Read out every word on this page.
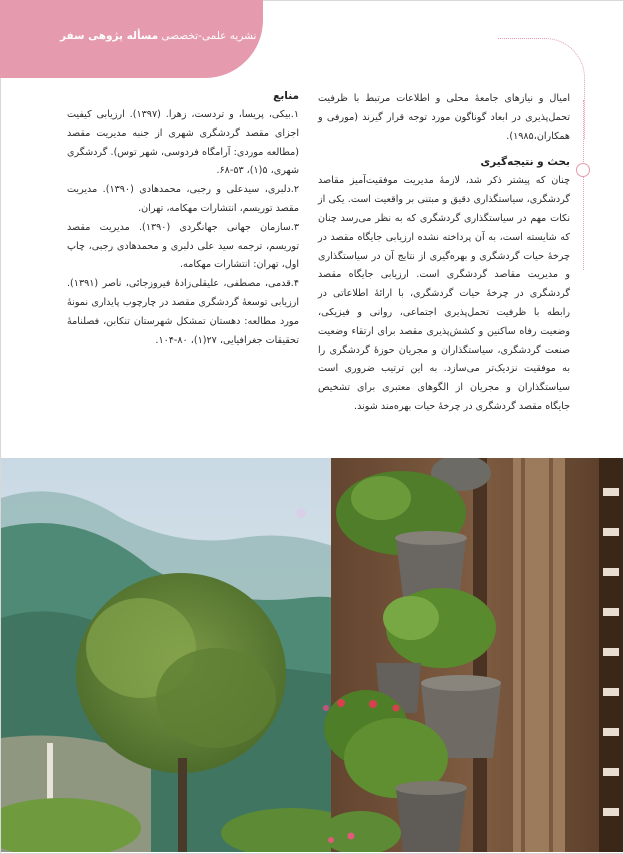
نشریه علمی-تخصصی مسأله پژوهی سفر

امیال و نیازهای جامعهٔ محلی و اطلاعات مرتبط با ظرفیت تحمل‌پذیری در ابعاد گوناگون مورد توجه قرار گیرند (مورفی و همکاران،۱۹۸۵).

بحث و نتیجه‌گیری

چنان که پیشتر ذکر شد، لازمهٔ مدیریت موفقیت‌آمیز مقاصد گردشگری، سیاستگذاری دقیق و مبتنی بر واقعیت است. یکی از نکات مهم در سیاستگذاری گردشگری که به نظر می‌رسد چنان که شایسته است، به آن پرداخته نشده ارزیابی جایگاه مقصد در چرخهٔ حیات گردشگری و بهره‌گیری از نتایج آن در سیاستگذاری و مدیریت مقاصد گردشگری است. ارزیابی جایگاه مقصد گردشگری در چرخهٔ حیات گردشگری، با ارائهٔ اطلاعاتی در رابطه با ظرفیت تحمل‌پذیری اجتماعی، روانی و فیزیکی، وضعیت رفاه ساکنین و کشش‌پذیری مقصد برای ارتقاء وضعیت صنعت گردشگری، سیاستگذاران و مجریان حوزهٔ گردشگری را به موفقیت نزدیک‌تر می‌سازد. به این ترتیب ضروری است سیاستگذاران و مجریان از الگوهای معتبری برای تشخیص جایگاه مقصد گردشگری در چرخهٔ حیات بهره‌مند شوند.

منابع

۱.بیکی، پریسا، و تردست، زهرا. (۱۳۹۷). ارزیابی کیفیت اجزای مقصد گردشگری شهری از جنبه مدیریت مقصد (مطالعه موردی: آرامگاه فردوسی، شهر توس). گردشگری شهری، ۵(۱)، ۵۳-۶۸.

۲.دلبری، سیدعلی و رجبی، محمدهادی (۱۳۹۰). مدیریت مقصد توریسم، انتشارات مهکامه، تهران.

۳.سازمان جهانی جهانگردی (۱۳۹۰). مدیریت مقصد توریسم، ترجمه سید علی دلبری و محمدهادی رجبی، چاپ اول، تهران: انتشارات مهکامه.

۴.قدمی، مصطفی، علیقلی‌زادهٔ فیروزجائی، ناصر (۱۳۹۱). ارزیابی توسعهٔ گردشگری مقصد در چارچوب پایداری نمونهٔ مورد مطالعه: دهستان تمشکل شهرستان تنکابن، فصلنامهٔ تحقیقات جغرافیایی، ۲۷(۱)، ۸۰-۱۰۴.
